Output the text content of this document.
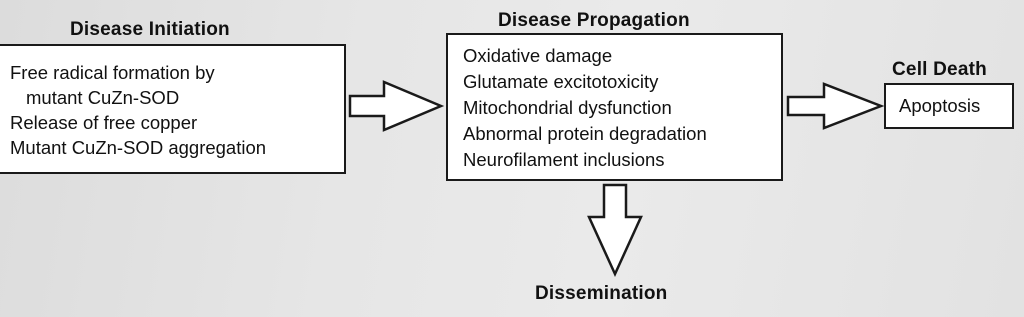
Disease Initiation
Free radical formation by
mutant CuZn-SOD
Release of free copper
Mutant CuZn-SOD aggregation
Disease Propagation
Oxidative damage
Glutamate excitotoxicity
Mitochondrial dysfunction
Abnormal protein degradation
Neurofilament inclusions
Cell Death
Apoptosis
Dissemination
